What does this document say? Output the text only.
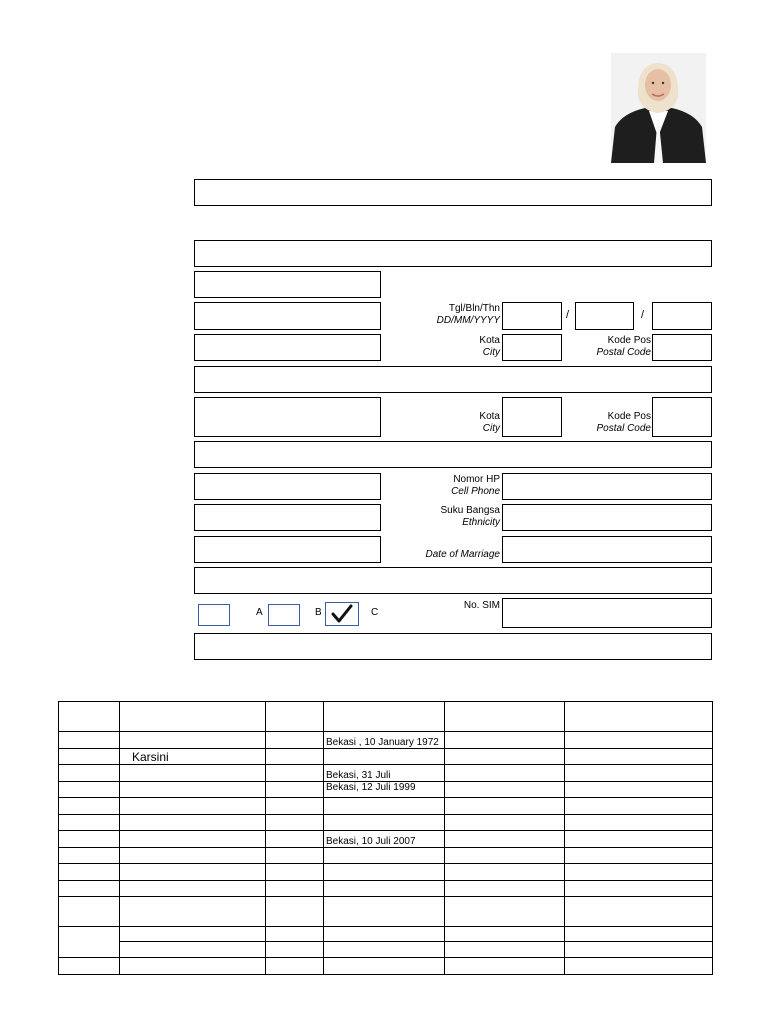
Tgl/Bln/Thn
DD/MM/YYYY	/	/
Kota
City
Kode Pos
Postal Code
Kota
City
Kode Pos
Postal Code
Nomor HP
Cell Phone
Suku Bangsa
Ethnicity
Date of Marriage
A	B	C
No. SIM

			Bekasi , 10 January 1972		
	Karsini				
			Bekasi, 31 Juli		
			Bekasi, 12 Juli 1999		

			Bekasi, 10 Juli 2007		
